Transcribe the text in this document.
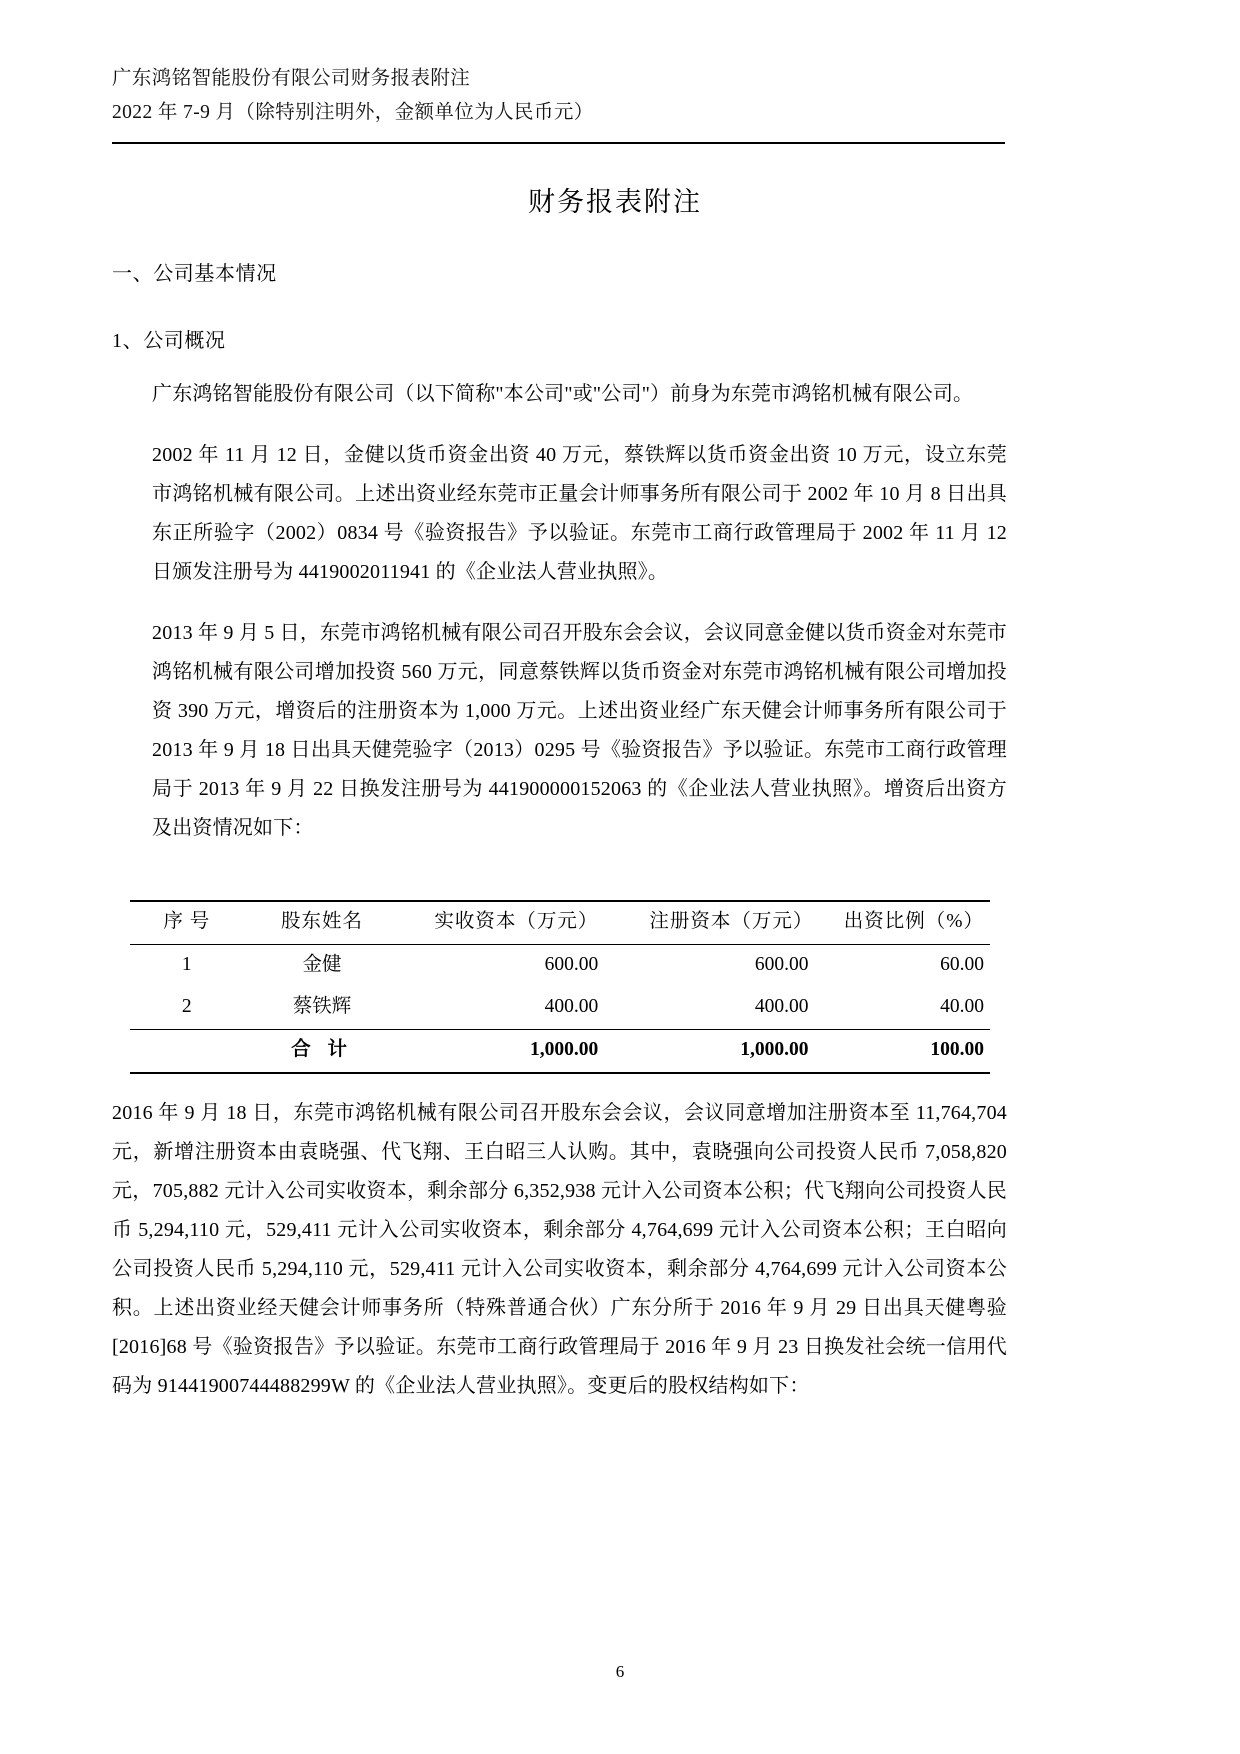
广东鸿铭智能股份有限公司财务报表附注
2022 年 7-9 月（除特别注明外，金额单位为人民币元）
财务报表附注
一、公司基本情况
1、公司概况

广东鸿铭智能股份有限公司（以下简称"本公司"或"公司"）前身为东莞市鸿铭机械有限公司。

2002 年 11 月 12 日，金健以货币资金出资 40 万元，蔡铁辉以货币资金出资 10 万元，设立东莞市鸿铭机械有限公司。上述出资业经东莞市正量会计师事务所有限公司于 2002 年 10 月 8 日出具东正所验字（2002）0834 号《验资报告》予以验证。东莞市工商行政管理局于 2002 年 11 月 12 日颁发注册号为 4419002011941 的《企业法人营业执照》。

2013 年 9 月 5 日，东莞市鸿铭机械有限公司召开股东会会议，会议同意金健以货币资金对东莞市鸿铭机械有限公司增加投资 560 万元，同意蔡铁辉以货币资金对东莞市鸿铭机械有限公司增加投资 390 万元，增资后的注册资本为 1,000 万元。上述出资业经广东天健会计师事务所有限公司于 2013 年 9 月 18 日出具天健莞验字（2013）0295 号《验资报告》予以验证。东莞市工商行政管理局于 2013 年 9 月 22 日换发注册号为 441900000152063 的《企业法人营业执照》。增资后出资方及出资情况如下：

序 号	股东姓名	实收资本（万元）	注册资本（万元）	出资比例（%）
1	金健	600.00	600.00	60.00
2	蔡铁辉	400.00	400.00	40.00
	合 计	1,000.00	1,000.00	100.00

2016 年 9 月 18 日，东莞市鸿铭机械有限公司召开股东会会议，会议同意增加注册资本至 11,764,704 元，新增注册资本由袁晓强、代飞翔、王白昭三人认购。其中，袁晓强向公司投资人民币 7,058,820 元，705,882 元计入公司实收资本，剩余部分 6,352,938 元计入公司资本公积；代飞翔向公司投资人民币 5,294,110 元，529,411 元计入公司实收资本，剩余部分 4,764,699 元计入公司资本公积；王白昭向公司投资人民币 5,294,110 元，529,411 元计入公司实收资本，剩余部分 4,764,699 元计入公司资本公积。上述出资业经天健会计师事务所（特殊普通合伙）广东分所于 2016 年 9 月 29 日出具天健粤验[2016]68 号《验资报告》予以验证。东莞市工商行政管理局于 2016 年 9 月 23 日换发社会统一信用代码为 91441900744488299W 的《企业法人营业执照》。变更后的股权结构如下：

6
